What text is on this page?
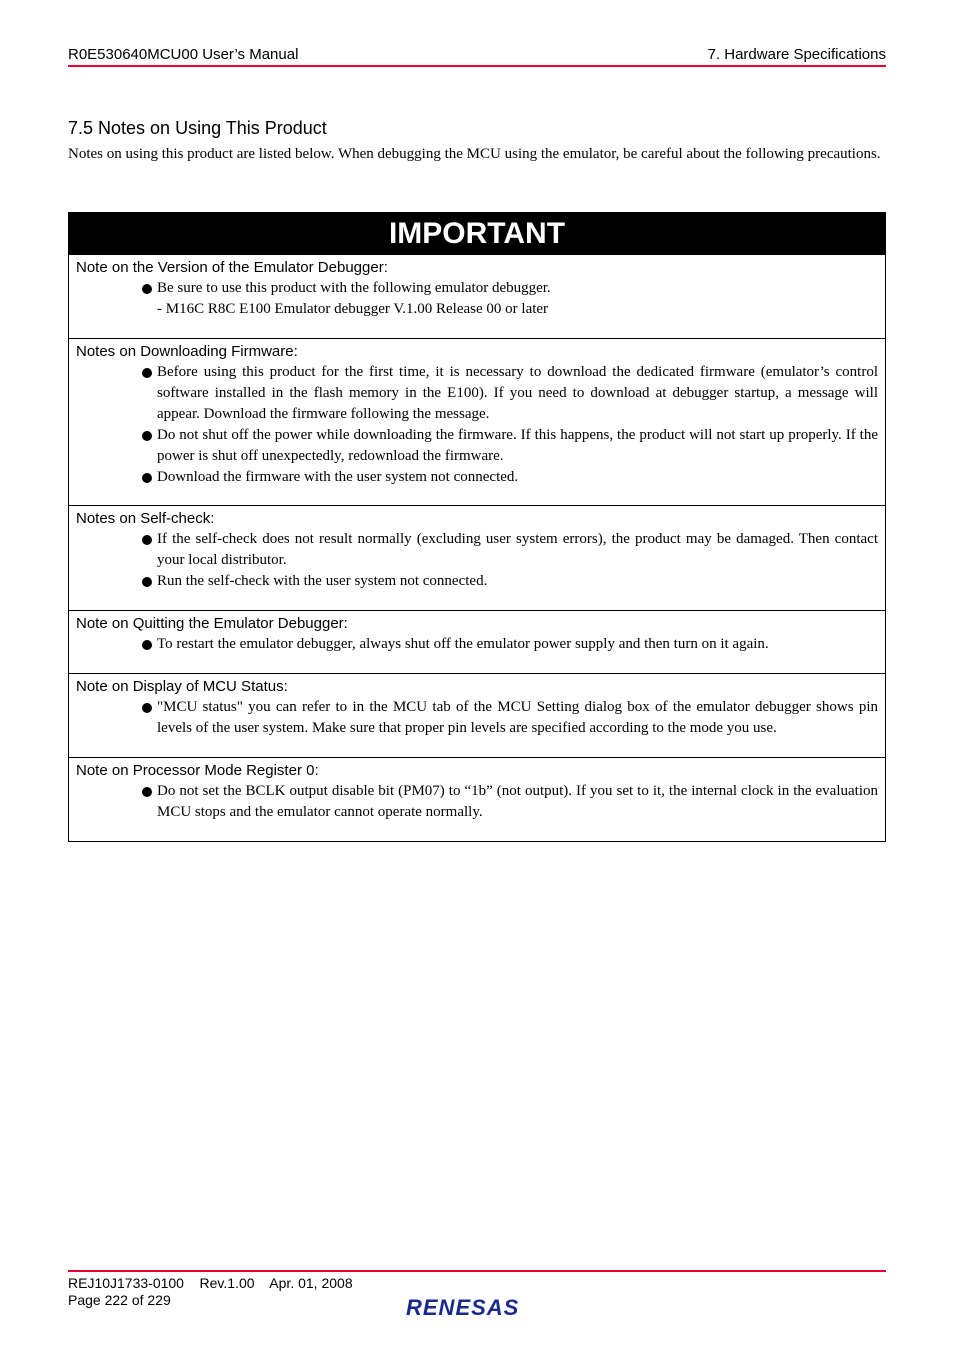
R0E530640MCU00 User’s Manual	7. Hardware Specifications
7.5 Notes on Using This Product
Notes on using this product are listed below. When debugging the MCU using the emulator, be careful about the following precautions.
IMPORTANT
Note on the Version of the Emulator Debugger:
Be sure to use this product with the following emulator debugger.
- M16C R8C E100 Emulator debugger V.1.00 Release 00 or later
Notes on Downloading Firmware:
Before using this product for the first time, it is necessary to download the dedicated firmware (emulator’s control software installed in the flash memory in the E100). If you need to download at debugger startup, a message will appear. Download the firmware following the message.
Do not shut off the power while downloading the firmware. If this happens, the product will not start up properly. If the power is shut off unexpectedly, redownload the firmware.
Download the firmware with the user system not connected.
Notes on Self-check:
If the self-check does not result normally (excluding user system errors), the product may be damaged. Then contact your local distributor.
Run the self-check with the user system not connected.
Note on Quitting the Emulator Debugger:
To restart the emulator debugger, always shut off the emulator power supply and then turn on it again.
Note on Display of MCU Status:
"MCU status" you can refer to in the MCU tab of the MCU Setting dialog box of the emulator debugger shows pin levels of the user system. Make sure that proper pin levels are specified according to the mode you use.
Note on Processor Mode Register 0:
Do not set the BCLK output disable bit (PM07) to “1b” (not output). If you set to it, the internal clock in the evaluation MCU stops and the emulator cannot operate normally.
REJ10J1733-0100    Rev.1.00    Apr. 01, 2008
Page 222 of 229	RENESAS
